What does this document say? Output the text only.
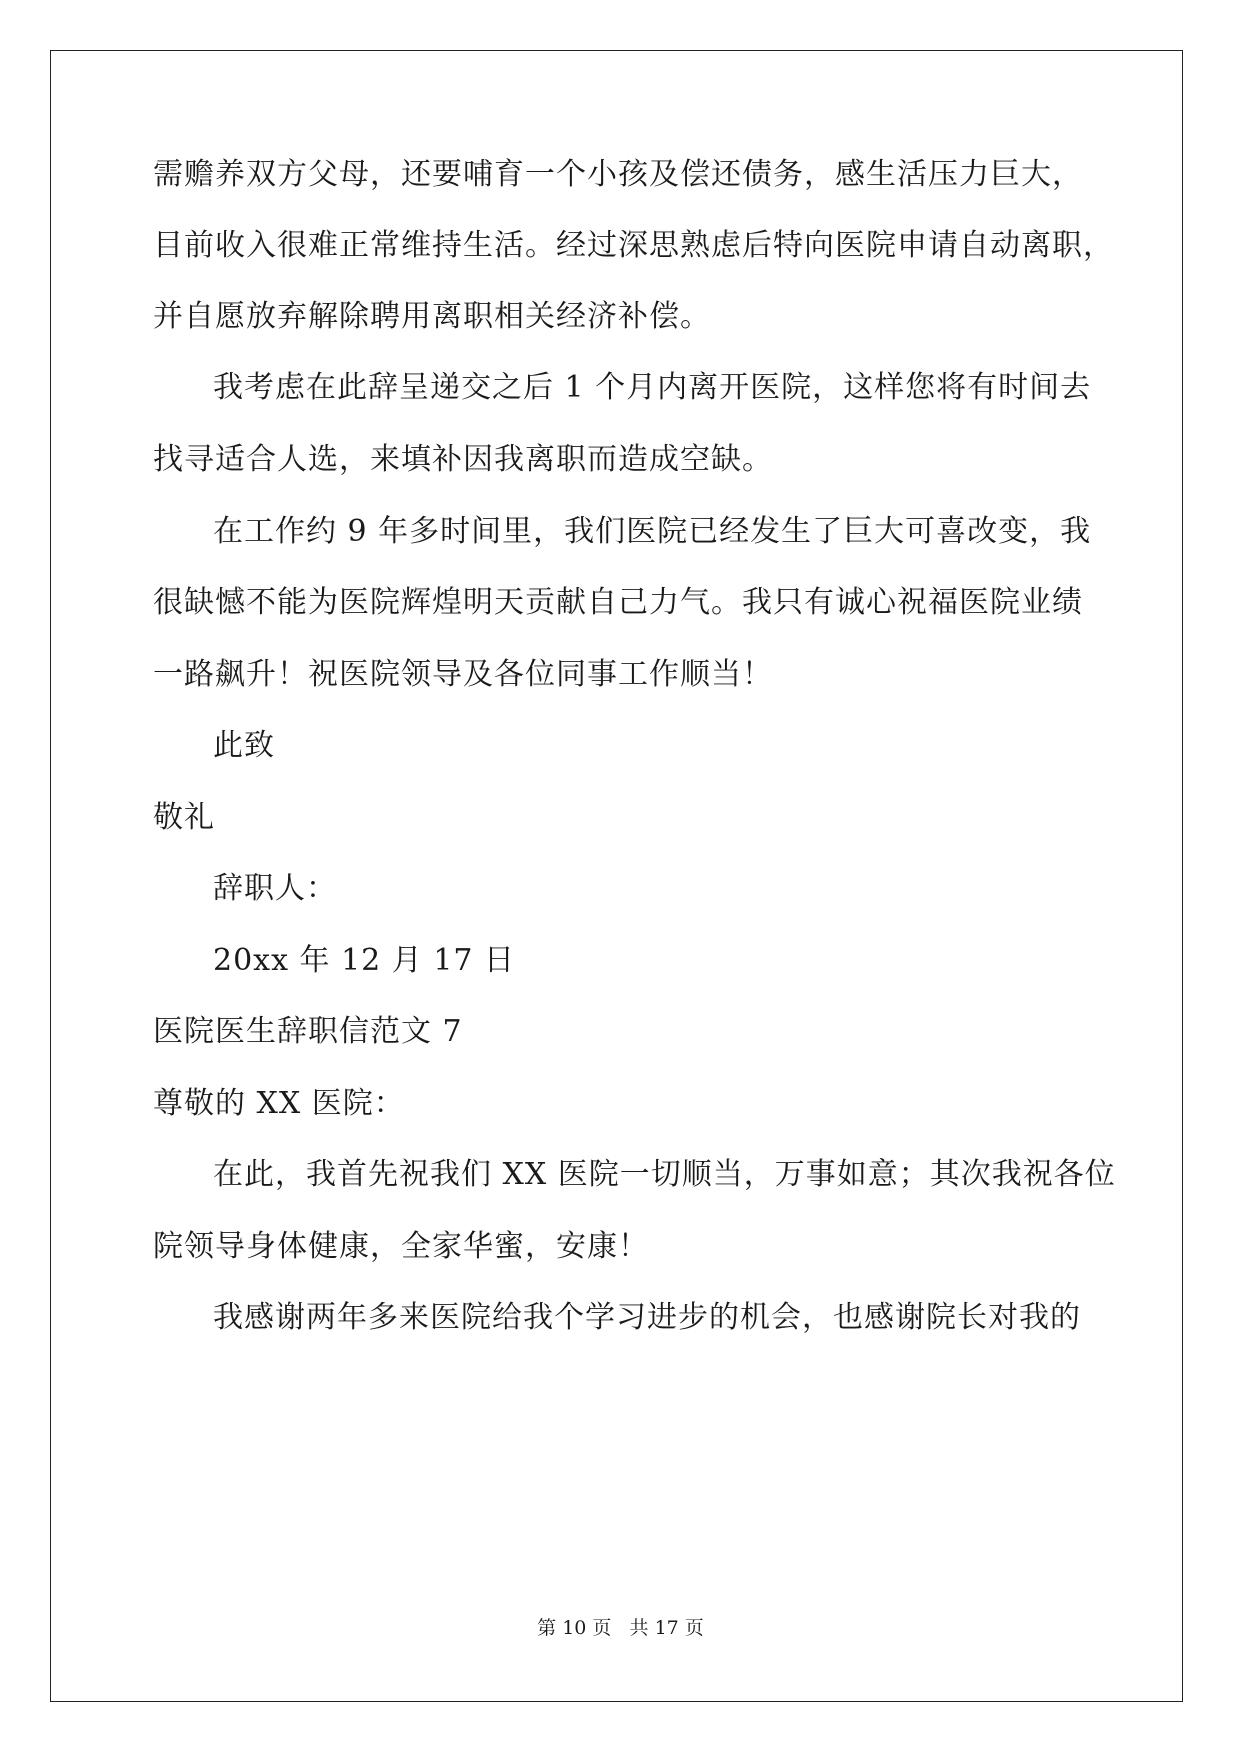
需赡养双方父母，还要哺育一个小孩及偿还债务，感生活压力巨大，
目前收入很难正常维持生活。经过深思熟虑后特向医院申请自动离职，
并自愿放弃解除聘用离职相关经济补偿。
我考虑在此辞呈递交之后 1 个月内离开医院，这样您将有时间去
找寻适合人选，来填补因我离职而造成空缺。
在工作约 9 年多时间里，我们医院已经发生了巨大可喜改变，我
很缺憾不能为医院辉煌明天贡献自己力气。我只有诚心祝福医院业绩
一路飙升！祝医院领导及各位同事工作顺当！
此致
敬礼
辞职人：
20xx 年 12 月 17 日
医院医生辞职信范文 7
尊敬的 XX 医院：
在此，我首先祝我们 XX 医院一切顺当，万事如意；其次我祝各位
院领导身体健康，全家华蜜，安康！
我感谢两年多来医院给我个学习进步的机会，也感谢院长对我的
第 10 页   共 17 页
